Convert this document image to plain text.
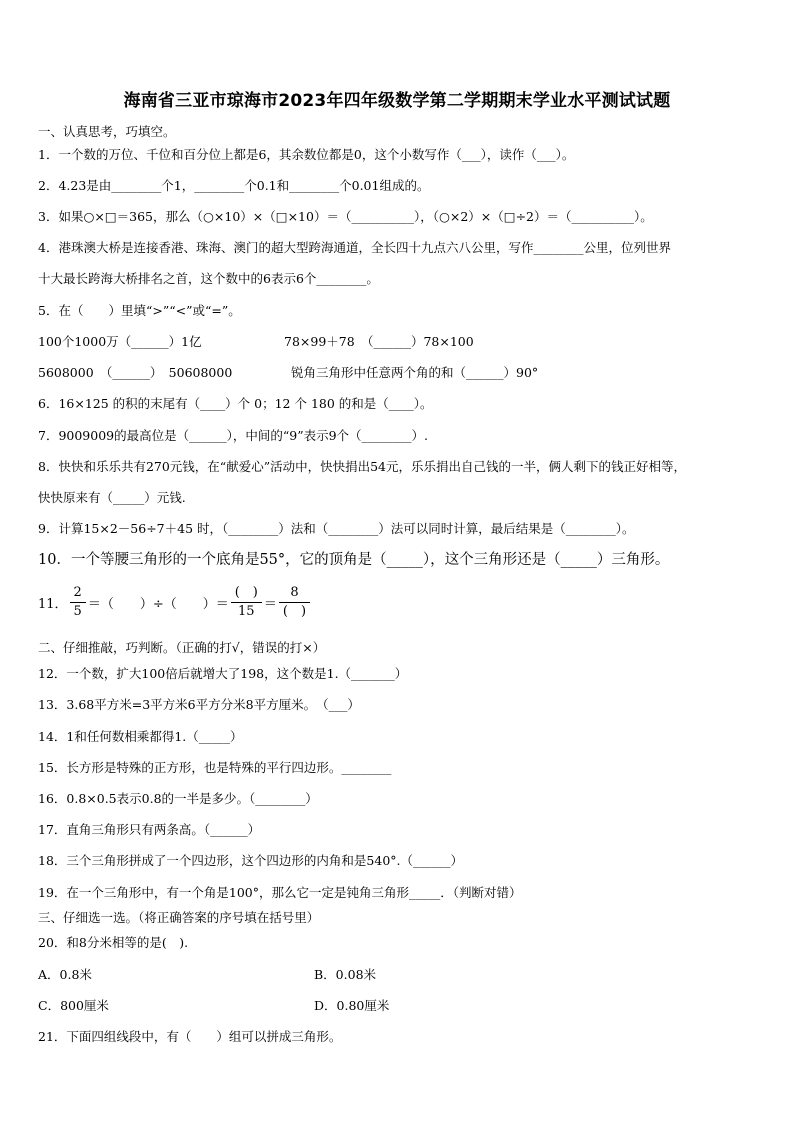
海南省三亚市琼海市2023年四年级数学第二学期期末学业水平测试试题
一、认真思考，巧填空。
1．一个数的万位、千位和百分位上都是6，其余数位都是0，这个小数写作（___），读作（___）。
2．4.23是由________个1，________个0.1和________个0.01组成的。
3．如果○×□＝365，那么（○×10）×（□×10）＝（__________），（○×2）×（□÷2）＝（__________）。
4．港珠澳大桥是连接香港、珠海、澳门的超大型跨海通道，全长四十九点六八公里，写作________公里，位列世界
十大最长跨海大桥排名之首，这个数中的6表示6个________。
5．在（　　）里填“>”“<”或“=”。
100个1000万（______）1亿	78×99＋78　（______）78×100
5608000　（______）　50608000	锐角三角形中任意两个角的和（______）90°
6．16×125 的积的末尾有（____）个 0；12 个 180 的和是（____）。
7．9009009的最高位是（______），中间的“9”表示9个（________）.
8．快快和乐乐共有270元钱，在“献爱心”活动中，快快捐出54元，乐乐捐出自己钱的一半，俩人剩下的钱正好相等，
快快原来有（_____）元钱.
9．计算15×2－56÷7＋45 时，（________）法和（________）法可以同时计算，最后结果是（________）。
10．一个等腰三角形的一个底角是55°，它的顶角是（_____），这个三角形还是（_____）三角形。
11． $\frac{2}{5}$ ＝（　　）÷（　　）＝ $\frac{( )}{15} = \frac{8}{( )}$
二、仔细推敲，巧判断。（正确的打√，错误的打×）
12．一个数，扩大100倍后就增大了198，这个数是1.（_______）
13．3.68平方米=3平方米6平方分米8平方厘米。　（___）
14．1和任何数相乘都得1.（_____）
15．长方形是特殊的正方形，也是特殊的平行四边形。________
16．0.8×0.5表示0.8的一半是多少。（________）
17．直角三角形只有两条高。（______）
18．三个三角形拼成了一个四边形，这个四边形的内角和是540°.（______）
19．在一个三角形中，有一个角是100°，那么它一定是钝角三角形_____．（判断对错）
三、仔细选一选。（将正确答案的序号填在括号里）
20．和8分米相等的是(　).
A．0.8米	B．0.08米
C．800厘米	D．0.80厘米
21．下面四组线段中，有（　　）组可以拼成三角形。
